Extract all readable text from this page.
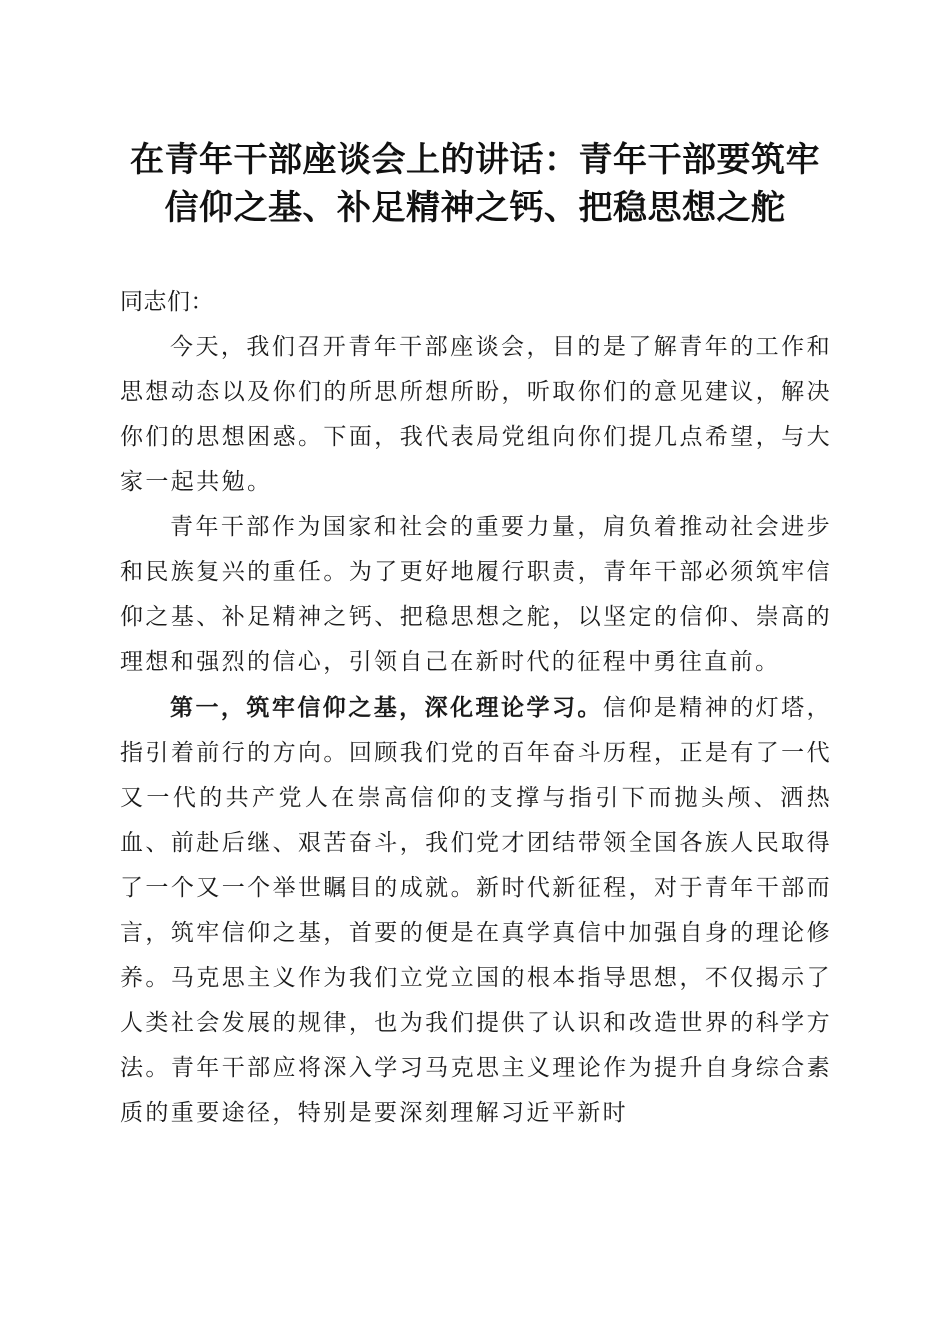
在青年干部座谈会上的讲话：青年干部要筑牢
信仰之基、补足精神之钙、把稳思想之舵
同志们：

今天，我们召开青年干部座谈会，目的是了解青年的工作和思想动态以及你们的所思所想所盼，听取你们的意见建议，解决你们的思想困惑。下面，我代表局党组向你们提几点希望，与大家一起共勉。

青年干部作为国家和社会的重要力量，肩负着推动社会进步和民族复兴的重任。为了更好地履行职责，青年干部必须筑牢信仰之基、补足精神之钙、把稳思想之舵，以坚定的信仰、崇高的理想和强烈的信心，引领自己在新时代的征程中勇往直前。

第一，筑牢信仰之基，深化理论学习。信仰是精神的灯塔，指引着前行的方向。回顾我们党的百年奋斗历程，正是有了一代又一代的共产党人在崇高信仰的支撑与指引下而抛头颅、洒热血、前赴后继、艰苦奋斗，我们党才团结带领全国各族人民取得了一个又一个举世瞩目的成就。新时代新征程，对于青年干部而言，筑牢信仰之基，首要的便是在真学真信中加强自身的理论修养。马克思主义作为我们立党立国的根本指导思想，不仅揭示了人类社会发展的规律，也为我们提供了认识和改造世界的科学方法。青年干部应将深入学习马克思主义理论作为提升自身综合素质的重要途径，特别是要深刻理解习近平新时
